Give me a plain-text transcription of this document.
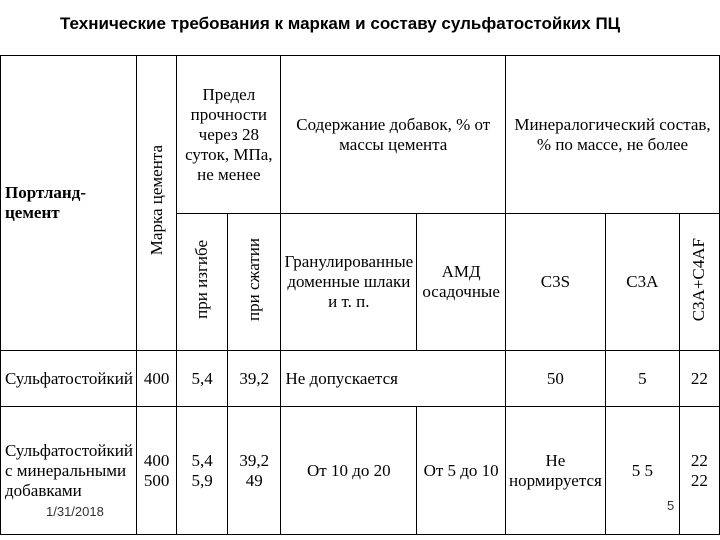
Технические требования к маркам и составу сульфатостойких ПЦ
Портланд-цемент	Марка цемента	Предел прочности через 28 суток, МПа, не менее		Содержание добавок, % от массы цемента		Минералогический состав, % по массе, не более		
		при изгибе	при сжатии	Гранулированные доменные шлаки и т. п.	АМД осадочные	C3S	C3A	C3A+C4AF
Сульфатостойкий	400	5,4	39,2	Не допускается		50	5	22
Сульфатостойкий с минеральными добавками	400 500	5,4 5,9	39,2 49	От 10 до 20	От 5 до 10	Не нормируется	5 5	22 22
1/31/2018	5
